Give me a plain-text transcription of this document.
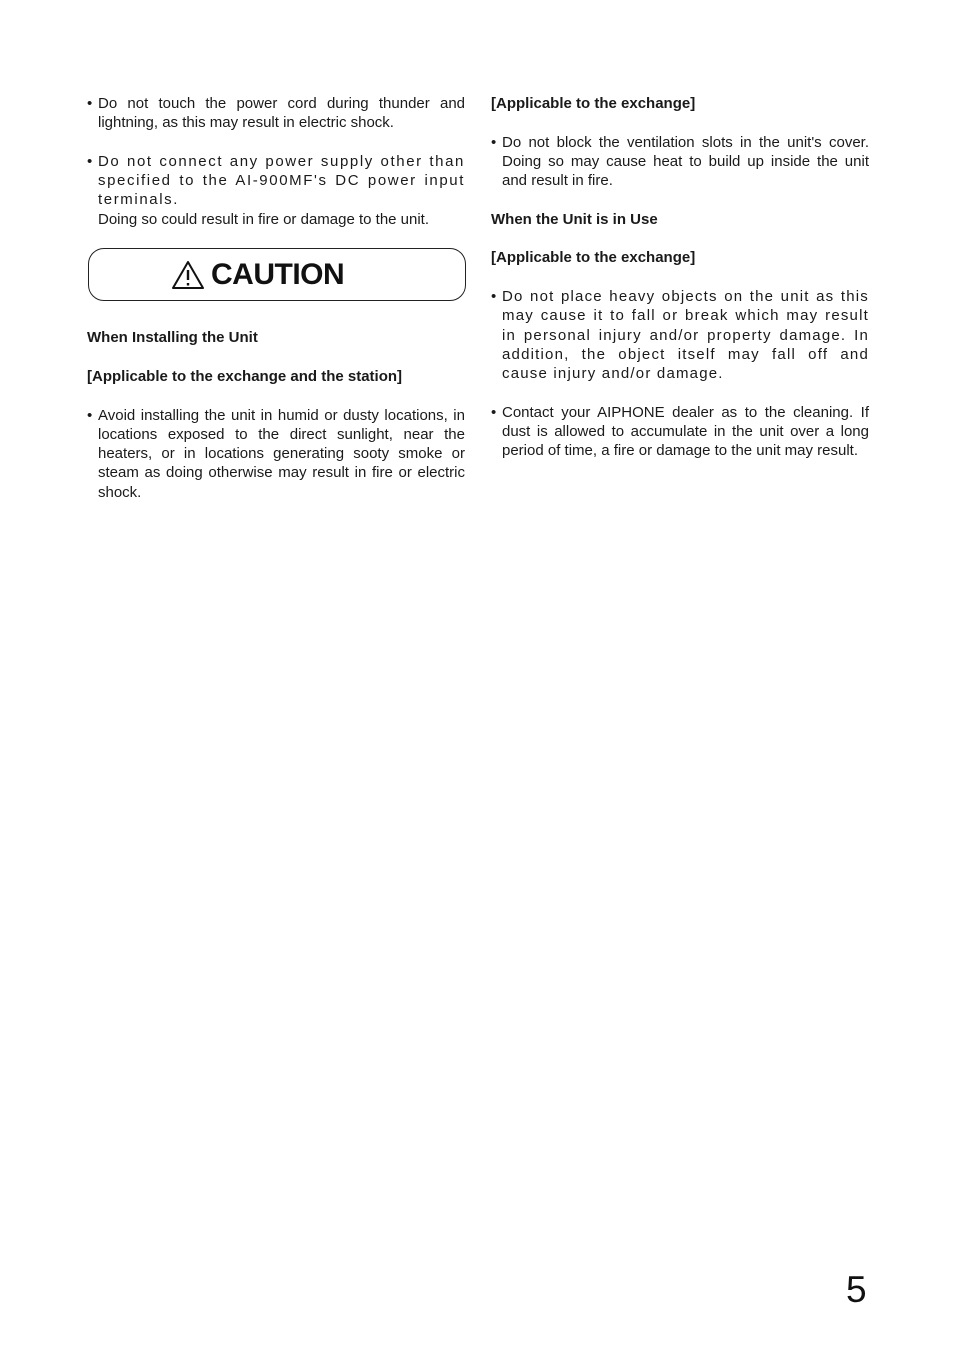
• Do not touch the power cord during thunder and lightning, as this may result in electric shock.

• Do not connect any power supply other than specified to the AI-900MF's DC power input terminals.

Doing so could result in fire or damage to the unit.

CAUTION
When Installing the Unit
[Applicable to the exchange and the station]
• Avoid installing the unit in humid or dusty locations, in locations exposed to the direct sunlight, near the heaters, or in locations generating sooty smoke or steam as doing otherwise may result in fire or electric shock.

[Applicable to the exchange]
• Do not block the ventilation slots in the unit's cover. Doing so may cause heat to build up inside the unit and result in fire.

When the Unit is in Use
[Applicable to the exchange]
• Do not place heavy objects on the unit as this may cause it to fall or break which may result in personal injury and/or property damage. In addition, the object itself may fall off and cause injury and/or damage.

• Contact your AIPHONE dealer as to the cleaning. If dust is allowed to accumulate in the unit over a long period of time, a fire or damage to the unit may result.

5
